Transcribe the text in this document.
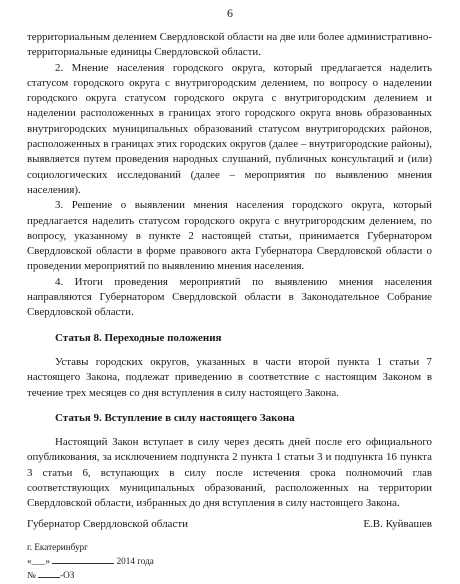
6

территориальным делением Свердловской области на две или более административно-территориальные единицы Свердловской области.

2. Мнение населения городского округа, который предлагается наделить статусом городского округа с внутригородским делением, по вопросу о наделении городского округа статусом городского округа с внутригородским делением и наделении расположенных в границах этого городского округа вновь образованных внутригородских муниципальных образований статусом внутригородских районов, расположенных в границах этих городских округов (далее – внутригородские районы), выявляется путем проведения народных слушаний, публичных консультаций и (или) социологических исследований (далее – мероприятия по выявлению мнения населения).

3. Решение о выявлении мнения населения городского округа, который предлагается наделить статусом городского округа с внутригородским делением, по вопросу, указанному в пункте 2 настоящей статьи, принимается Губернатором Свердловской области в форме правового акта Губернатора Свердловской области о проведении мероприятий по выявлению мнения населения.

4. Итоги проведения мероприятий по выявлению мнения населения направляются Губернатором Свердловской области в Законодательное Собрание Свердловской области.

Статья 8. Переходные положения

Уставы городских округов, указанных в части второй пункта 1 статьи 7 настоящего Закона, подлежат приведению в соответствие с настоящим Законом в течение трех месяцев со дня вступления в силу настоящего Закона.

Статья 9. Вступление в силу настоящего Закона

Настоящий Закон вступает в силу через десять дней после его официального опубликования, за исключением подпункта 2 пункта 1 статьи 3 и подпункта 16 пункта 3 статьи 6, вступающих в силу после истечения срока полномочий глав соответствующих муниципальных образований, расположенных на территории Свердловской области, избранных до дня вступления в силу настоящего Закона.

Губернатор Свердловской области	Е.В. Куйвашев
г. Екатеринбург
«___»	2014 года
№	-ОЗ
